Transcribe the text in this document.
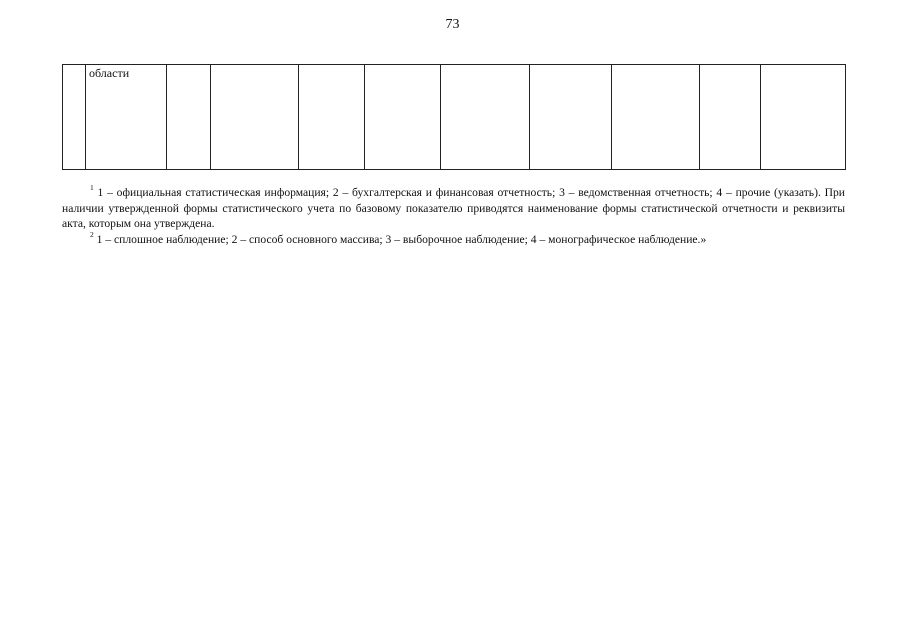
73

области

$^1$ 1 – официальная статистическая информация; 2 – бухгалтерская и финансовая отчетность; 3 – ведомственная отчетность; 4 – прочие (указать). При наличии утвержденной формы статистического учета по базовому показателю приводятся наименование формы статистической отчетности и реквизиты акта, которым она утверждена.

$^2$ 1 – сплошное наблюдение; 2 – способ основного массива; 3 – выборочное наблюдение; 4 – монографическое наблюдение.»
